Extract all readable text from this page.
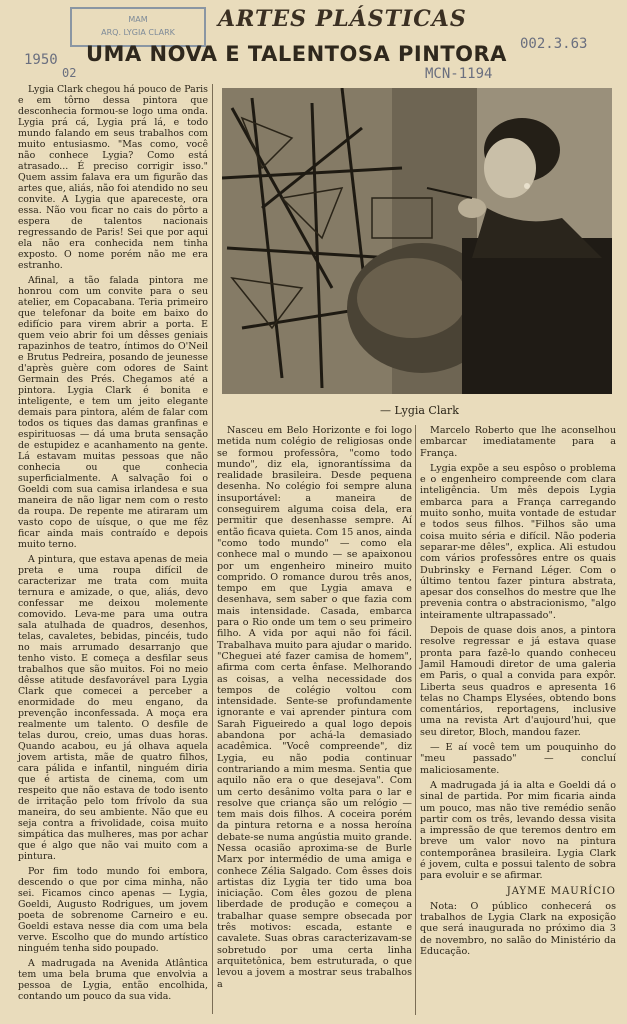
MAM
ARQ. LYGIA CLARK
1950
02
002.3.63
MCN-1194
ARTES PLÁSTICAS
UMA NOVA E TALENTOSA PINTORA
— Lygia Clark

Lygia Clark chegou há pouco de Paris e em tôrno dessa pintora que desconhecia formou-se logo uma onda. Lygia prá cá, Lygia prá lá, e todo mundo falando em seus trabalhos com muito entusiasmo. "Mas como, você não conhece Lygia? Como está atrasado... É preciso corrigir isso." Quem assim falava era um figurão das artes que, aliás, não foi atendido no seu convite. A Lygia que apareceste, ora essa. Não vou ficar no cais do pôrto a espera de talentos nacionais regressando de Paris! Sei que por aqui ela não era conhecida nem tinha exposto. O nome porém não me era estranho.

Afinal, a tão falada pintora me honrou com um convite para o seu atelier, em Copacabana. Teria primeiro que telefonar da boite em baixo do edifício para virem abrir a porta. E quem veio abrir foi um dêsses geniais rapazinhos de teatro, íntimos do O'Neil e Brutus Pedreira, posando de jeunesse d'après guère com odores de Saint Germain des Prés. Chegamos até a pintora. Lygia Clark é bonita e inteligente, e tem um jeito elegante demais para pintora, além de falar com todos os tiques das damas granfinas e espirituosas — dá uma bruta sensação de estupidez e acanhamento na gente. Lá estavam muitas pessoas que não conhecia ou que conhecia superficialmente. A salvação foi o Goeldi com sua camisa irlandesa e sua maneira de não ligar nem com o resto da roupa. De repente me atiraram um vasto copo de uísque, o que me fêz ficar ainda mais contraído e depois muito terno.

A pintura, que estava apenas de meia preta e uma roupa difícil de caracterizar me trata com muita ternura e amizade, o que, aliás, devo confessar me deixou molemente comovido. Leva-me para uma outra sala atulhada de quadros, desenhos, telas, cavaletes, bebidas, pincéis, tudo no mais arrumado desarranjo que tenho visto. E começa a desfilar seus trabalhos que são muitos. Foi no meio dêsse atitude desfavorável para Lygia Clark que comecei a perceber a enormidade do meu engano, da prevenção inconfessada. A moça era realmente um talento. O desfile de telas durou, creio, umas duas horas. Quando acabou, eu já olhava aquela jovem artista, mãe de quatro filhos, cara pálida e infantil, ninguém diria que é artista de cinema, com um respeito que não estava de todo isento de irritação pelo tom frívolo da sua maneira, do seu ambiente. Não que eu seja contra a frivolidade, coisa muito simpática das mulheres, mas por achar que é algo que não vai muito com a pintura.

Por fim todo mundo foi embora, descendo o que por cima minha, não sei. Ficamos cinco apenas — Lygia, Goeldi, Augusto Rodrigues, um jovem poeta de sobrenome Carneiro e eu. Goeldi estava nesse dia com uma bela verve. Escolho que do mundo artístico ninguém tenha sido poupado.

A madrugada na Avenida Atlântica tem uma bela bruma que envolvia a pessoa de Lygia, então encolhida, contando um pouco da sua vida.

Nasceu em Belo Horizonte e foi logo metida num colégio de religiosas onde se formou professôra, "como todo mundo", diz ela, ignorantíssima da realidade brasileira. Desde pequena desenha. No colégio foi sempre aluna insuportável: a maneira de conseguirem alguma coisa dela, era permitir que desenhasse sempre. Aí então ficava quieta. Com 15 anos, ainda "como todo mundo" — como ela conhece mal o mundo — se apaixonou por um engenheiro mineiro muito comprido. O romance durou três anos, tempo em que Lygia amava e desenhava, sem saber o que fazia com mais intensidade. Casada, embarca para o Rio onde um tem o seu primeiro filho. A vida por aqui não foi fácil. Trabalhava muito para ajudar o marido. "Cheguei até fazer camisa de homem", afirma com certa ênfase. Melhorando as coisas, a velha necessidade dos tempos de colégio voltou com intensidade. Sente-se profundamente ignorante e vai aprender pintura com Sarah Figueiredo a qual logo depois abandona por achá-la demasiado acadêmica. "Você compreende", diz Lygia, eu não podia continuar contrariando a mim mesma. Sentia que aquilo não era o que desejava". Com um certo desânimo volta para o lar e resolve que criança são um relógio — tem mais dois filhos. A coceira porém da pintura retorna e a nossa heroína debate-se numa angústia muito grande. Nessa ocasião aproxima-se de Burle Marx por intermédio de uma amiga e conhece Zélia Salgado. Com êsses dois artistas diz Lygia ter tido uma boa iniciação. Com êles gozou de plena liberdade de produção e começou a trabalhar quase sempre obsecada por três motivos: escada, estante e cavalete. Suas obras caracterizavam-se sobretudo por uma certa linha arquitetônica, bem estruturada, o que levou a jovem a mostrar seus trabalhos a

Marcelo Roberto que lhe aconselhou embarcar imediatamente para a França.

Lygia expõe a seu espôso o problema e o engenheiro compreende com clara inteligência. Um mês depois Lygia embarca para a França carregando muito sonho, muita vontade de estudar e todos seus filhos. "Filhos são uma coisa muito séria e difícil. Não poderia separar-me dêles", explica. Ali estudou com vários professôres entre os quais Dubrinsky e Fernand Léger. Com o último tentou fazer pintura abstrata, apesar dos conselhos do mestre que lhe prevenia contra o abstracionismo, "algo inteiramente ultrapassado".

Depois de quase dois anos, a pintora resolve regressar e já estava quase pronta para fazê-lo quando conheceu Jamil Hamoudi diretor de uma galeria em Paris, o qual a convida para expôr. Liberta seus quadros e apresenta 16 telas no Champs Elysées, obtendo bons comentários, reportagens, inclusive uma na revista Art d'aujourd'hui, que seu diretor, Bloch, mandou fazer.

— E aí você tem um pouquinho do "meu passado" — concluí maliciosamente.

A madrugada já ia alta e Goeldi dá o sinal de partida. Por mim ficaria ainda um pouco, mas não tive remédio senão partir com os três, levando dessa visita a impressão de que teremos dentro em breve um valor novo na pintura contemporânea brasileira. Lygia Clark é jovem, culta e possui talento de sobra para evoluir e se afirmar.

JAYME MAURÍCIO

Nota: O público conhecerá os trabalhos de Lygia Clark na exposição que será inaugurada no próximo dia 3 de novembro, no salão do Ministério da Educação.
